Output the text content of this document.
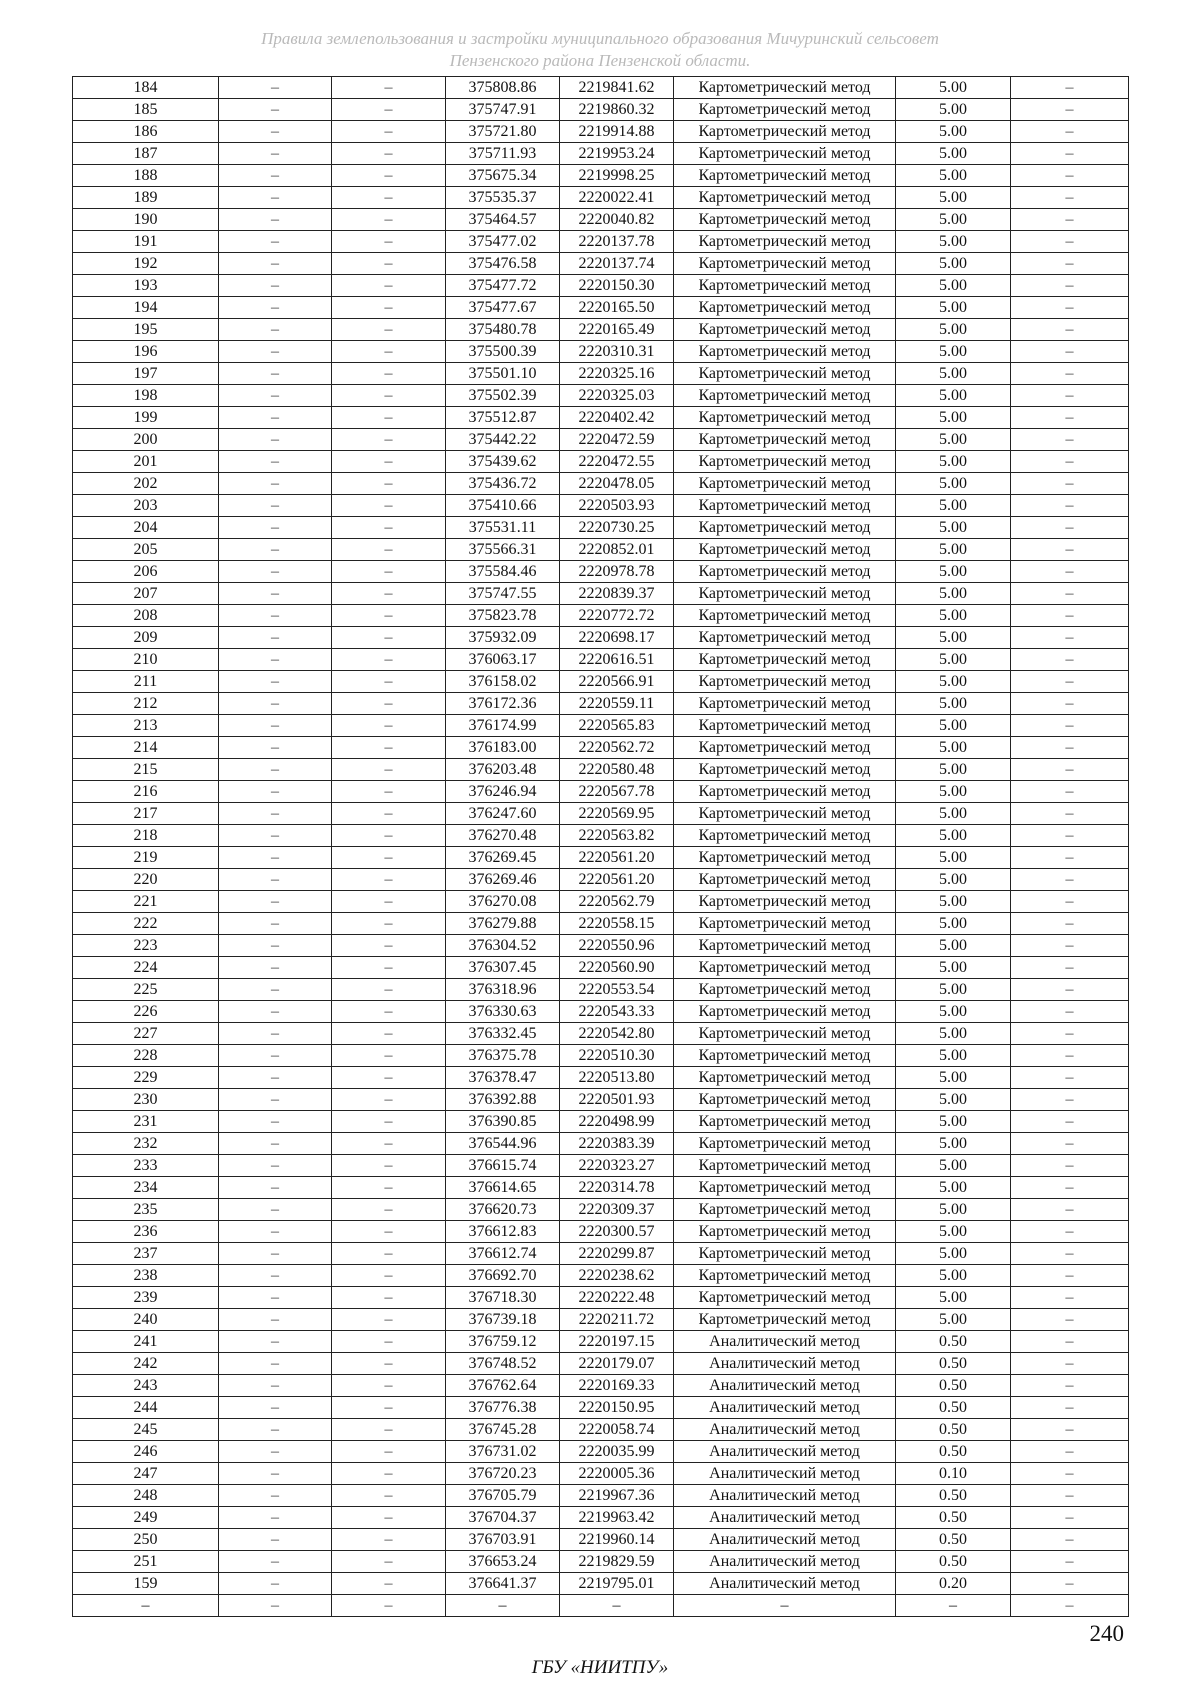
Правила землепользования и застройки муниципального образования Мичуринский сельсовет
Пензенского района Пензенской области.
184	–	–	375808.86	2219841.62	Картометрический метод	5.00	–
185	–	–	375747.91	2219860.32	Картометрический метод	5.00	–
186	–	–	375721.80	2219914.88	Картометрический метод	5.00	–
187	–	–	375711.93	2219953.24	Картометрический метод	5.00	–
188	–	–	375675.34	2219998.25	Картометрический метод	5.00	–
189	–	–	375535.37	2220022.41	Картометрический метод	5.00	–
190	–	–	375464.57	2220040.82	Картометрический метод	5.00	–
191	–	–	375477.02	2220137.78	Картометрический метод	5.00	–
192	–	–	375476.58	2220137.74	Картометрический метод	5.00	–
193	–	–	375477.72	2220150.30	Картометрический метод	5.00	–
194	–	–	375477.67	2220165.50	Картометрический метод	5.00	–
195	–	–	375480.78	2220165.49	Картометрический метод	5.00	–
196	–	–	375500.39	2220310.31	Картометрический метод	5.00	–
197	–	–	375501.10	2220325.16	Картометрический метод	5.00	–
198	–	–	375502.39	2220325.03	Картометрический метод	5.00	–
199	–	–	375512.87	2220402.42	Картометрический метод	5.00	–
200	–	–	375442.22	2220472.59	Картометрический метод	5.00	–
201	–	–	375439.62	2220472.55	Картометрический метод	5.00	–
202	–	–	375436.72	2220478.05	Картометрический метод	5.00	–
203	–	–	375410.66	2220503.93	Картометрический метод	5.00	–
204	–	–	375531.11	2220730.25	Картометрический метод	5.00	–
205	–	–	375566.31	2220852.01	Картометрический метод	5.00	–
206	–	–	375584.46	2220978.78	Картометрический метод	5.00	–
207	–	–	375747.55	2220839.37	Картометрический метод	5.00	–
208	–	–	375823.78	2220772.72	Картометрический метод	5.00	–
209	–	–	375932.09	2220698.17	Картометрический метод	5.00	–
210	–	–	376063.17	2220616.51	Картометрический метод	5.00	–
211	–	–	376158.02	2220566.91	Картометрический метод	5.00	–
212	–	–	376172.36	2220559.11	Картометрический метод	5.00	–
213	–	–	376174.99	2220565.83	Картометрический метод	5.00	–
214	–	–	376183.00	2220562.72	Картометрический метод	5.00	–
215	–	–	376203.48	2220580.48	Картометрический метод	5.00	–
216	–	–	376246.94	2220567.78	Картометрический метод	5.00	–
217	–	–	376247.60	2220569.95	Картометрический метод	5.00	–
218	–	–	376270.48	2220563.82	Картометрический метод	5.00	–
219	–	–	376269.45	2220561.20	Картометрический метод	5.00	–
220	–	–	376269.46	2220561.20	Картометрический метод	5.00	–
221	–	–	376270.08	2220562.79	Картометрический метод	5.00	–
222	–	–	376279.88	2220558.15	Картометрический метод	5.00	–
223	–	–	376304.52	2220550.96	Картометрический метод	5.00	–
224	–	–	376307.45	2220560.90	Картометрический метод	5.00	–
225	–	–	376318.96	2220553.54	Картометрический метод	5.00	–
226	–	–	376330.63	2220543.33	Картометрический метод	5.00	–
227	–	–	376332.45	2220542.80	Картометрический метод	5.00	–
228	–	–	376375.78	2220510.30	Картометрический метод	5.00	–
229	–	–	376378.47	2220513.80	Картометрический метод	5.00	–
230	–	–	376392.88	2220501.93	Картометрический метод	5.00	–
231	–	–	376390.85	2220498.99	Картометрический метод	5.00	–
232	–	–	376544.96	2220383.39	Картометрический метод	5.00	–
233	–	–	376615.74	2220323.27	Картометрический метод	5.00	–
234	–	–	376614.65	2220314.78	Картометрический метод	5.00	–
235	–	–	376620.73	2220309.37	Картометрический метод	5.00	–
236	–	–	376612.83	2220300.57	Картометрический метод	5.00	–
237	–	–	376612.74	2220299.87	Картометрический метод	5.00	–
238	–	–	376692.70	2220238.62	Картометрический метод	5.00	–
239	–	–	376718.30	2220222.48	Картометрический метод	5.00	–
240	–	–	376739.18	2220211.72	Картометрический метод	5.00	–
241	–	–	376759.12	2220197.15	Аналитический метод	0.50	–
242	–	–	376748.52	2220179.07	Аналитический метод	0.50	–
243	–	–	376762.64	2220169.33	Аналитический метод	0.50	–
244	–	–	376776.38	2220150.95	Аналитический метод	0.50	–
245	–	–	376745.28	2220058.74	Аналитический метод	0.50	–
246	–	–	376731.02	2220035.99	Аналитический метод	0.50	–
247	–	–	376720.23	2220005.36	Аналитический метод	0.10	–
248	–	–	376705.79	2219967.36	Аналитический метод	0.50	–
249	–	–	376704.37	2219963.42	Аналитический метод	0.50	–
250	–	–	376703.91	2219960.14	Аналитический метод	0.50	–
251	–	–	376653.24	2219829.59	Аналитический метод	0.50	–
159	–	–	376641.37	2219795.01	Аналитический метод	0.20	–
–	–	–	–	–	–	–	–
240
ГБУ «НИИТПУ»
